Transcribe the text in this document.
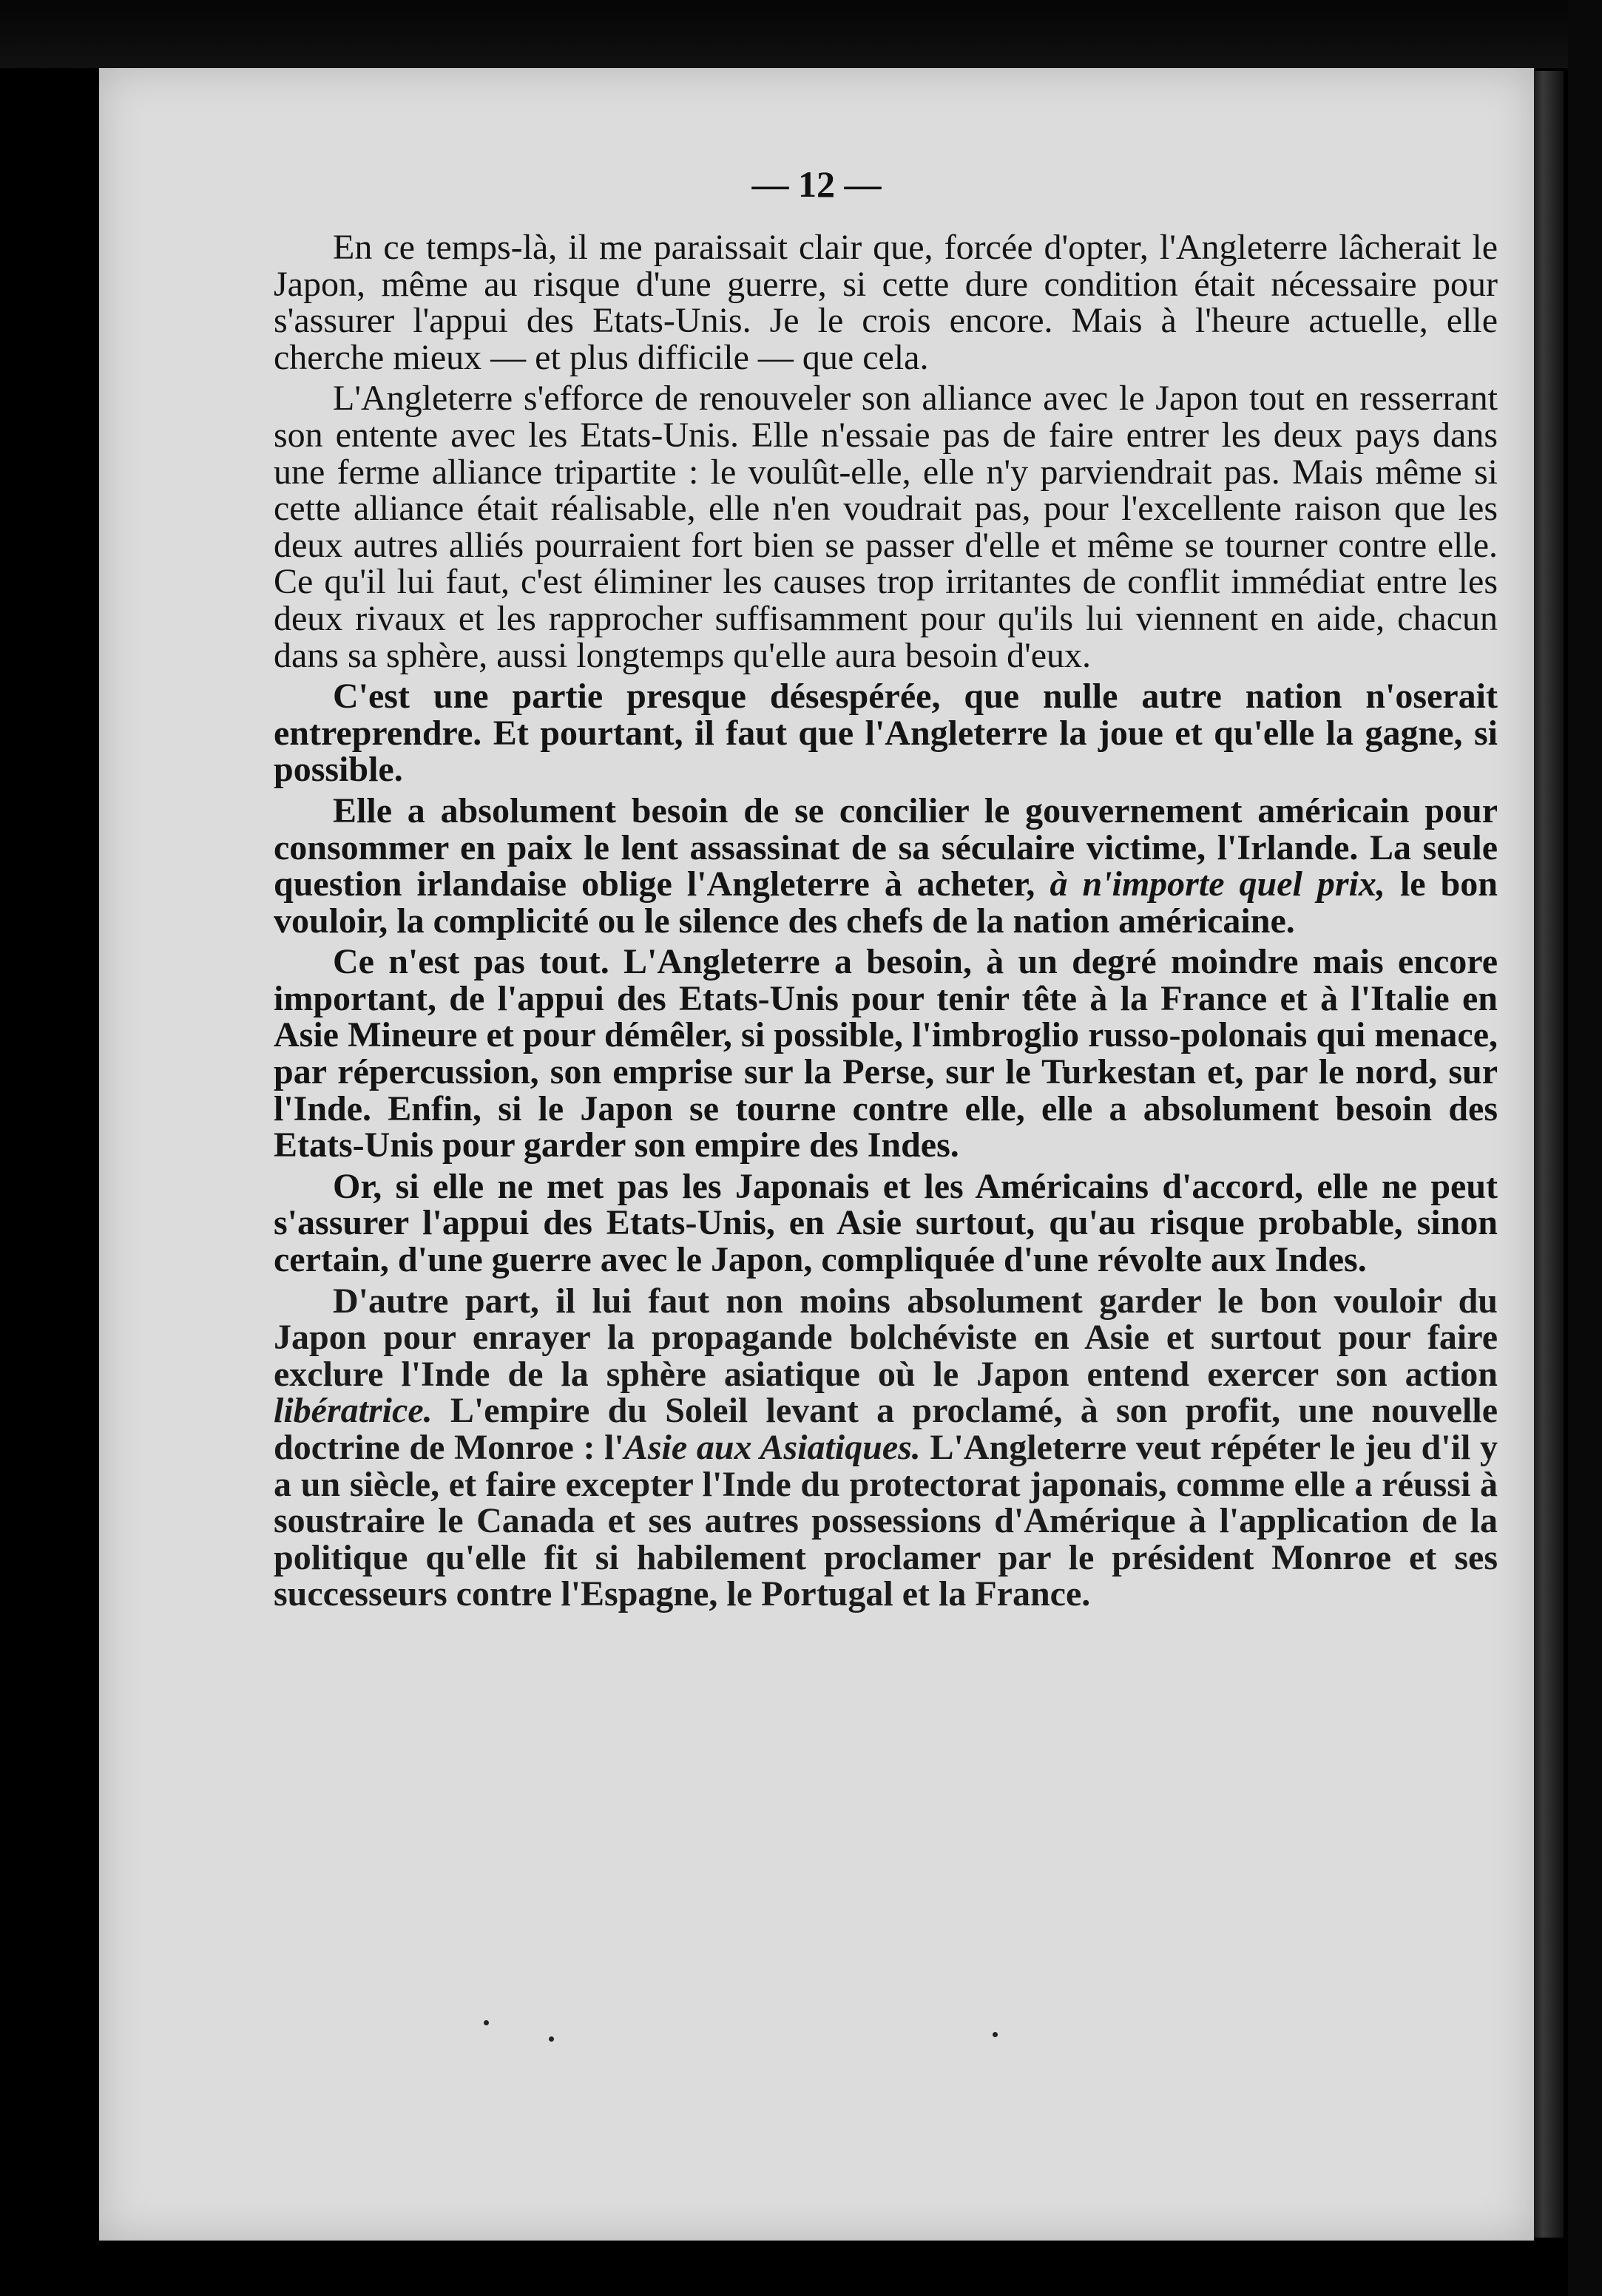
— 12 —

En ce temps-là, il me paraissait clair que, forcée d'opter, l'Angleterre lâcherait le Japon, même au risque d'une guerre, si cette dure condition était nécessaire pour s'assurer l'appui des Etats-Unis. Je le crois encore. Mais à l'heure actuelle, elle cherche mieux — et plus difficile — que cela.

L'Angleterre s'efforce de renouveler son alliance avec le Japon tout en resserrant son entente avec les Etats-Unis. Elle n'essaie pas de faire entrer les deux pays dans une ferme alliance tripartite : le voulût-elle, elle n'y parviendrait pas. Mais même si cette alliance était réalisable, elle n'en voudrait pas, pour l'excellente raison que les deux autres alliés pourraient fort bien se passer d'elle et même se tourner contre elle. Ce qu'il lui faut, c'est éliminer les causes trop irritantes de conflit immédiat entre les deux rivaux et les rapprocher suffisamment pour qu'ils lui viennent en aide, chacun dans sa sphère, aussi longtemps qu'elle aura besoin d'eux.

C'est une partie presque désespérée, que nulle autre nation n'oserait entreprendre. Et pourtant, il faut que l'Angleterre la joue et qu'elle la gagne, si possible.

Elle a absolument besoin de se concilier le gouvernement américain pour consommer en paix le lent assassinat de sa séculaire victime, l'Irlande. La seule question irlandaise oblige l'Angleterre à acheter, à n'importe quel prix, le bon vouloir, la complicité ou le silence des chefs de la nation américaine.

Ce n'est pas tout. L'Angleterre a besoin, à un degré moindre mais encore important, de l'appui des Etats-Unis pour tenir tête à la France et à l'Italie en Asie Mineure et pour démêler, si possible, l'imbroglio russo-polonais qui menace, par répercussion, son emprise sur la Perse, sur le Turkestan et, par le nord, sur l'Inde. Enfin, si le Japon se tourne contre elle, elle a absolument besoin des Etats-Unis pour garder son empire des Indes.

Or, si elle ne met pas les Japonais et les Américains d'accord, elle ne peut s'assurer l'appui des Etats-Unis, en Asie surtout, qu'au risque probable, sinon certain, d'une guerre avec le Japon, compliquée d'une révolte aux Indes.

D'autre part, il lui faut non moins absolument garder le bon vouloir du Japon pour enrayer la propagande bolchéviste en Asie et surtout pour faire exclure l'Inde de la sphère asiatique où le Japon entend exercer son action libératrice. L'empire du Soleil levant a proclamé, à son profit, une nouvelle doctrine de Monroe : l'Asie aux Asiatiques. L'Angleterre veut répéter le jeu d'il y a un siècle, et faire excepter l'Inde du protectorat japonais, comme elle a réussi à soustraire le Canada et ses autres possessions d'Amérique à l'application de la politique qu'elle fit si habilement proclamer par le président Monroe et ses successeurs contre l'Espagne, le Portugal et la France.
